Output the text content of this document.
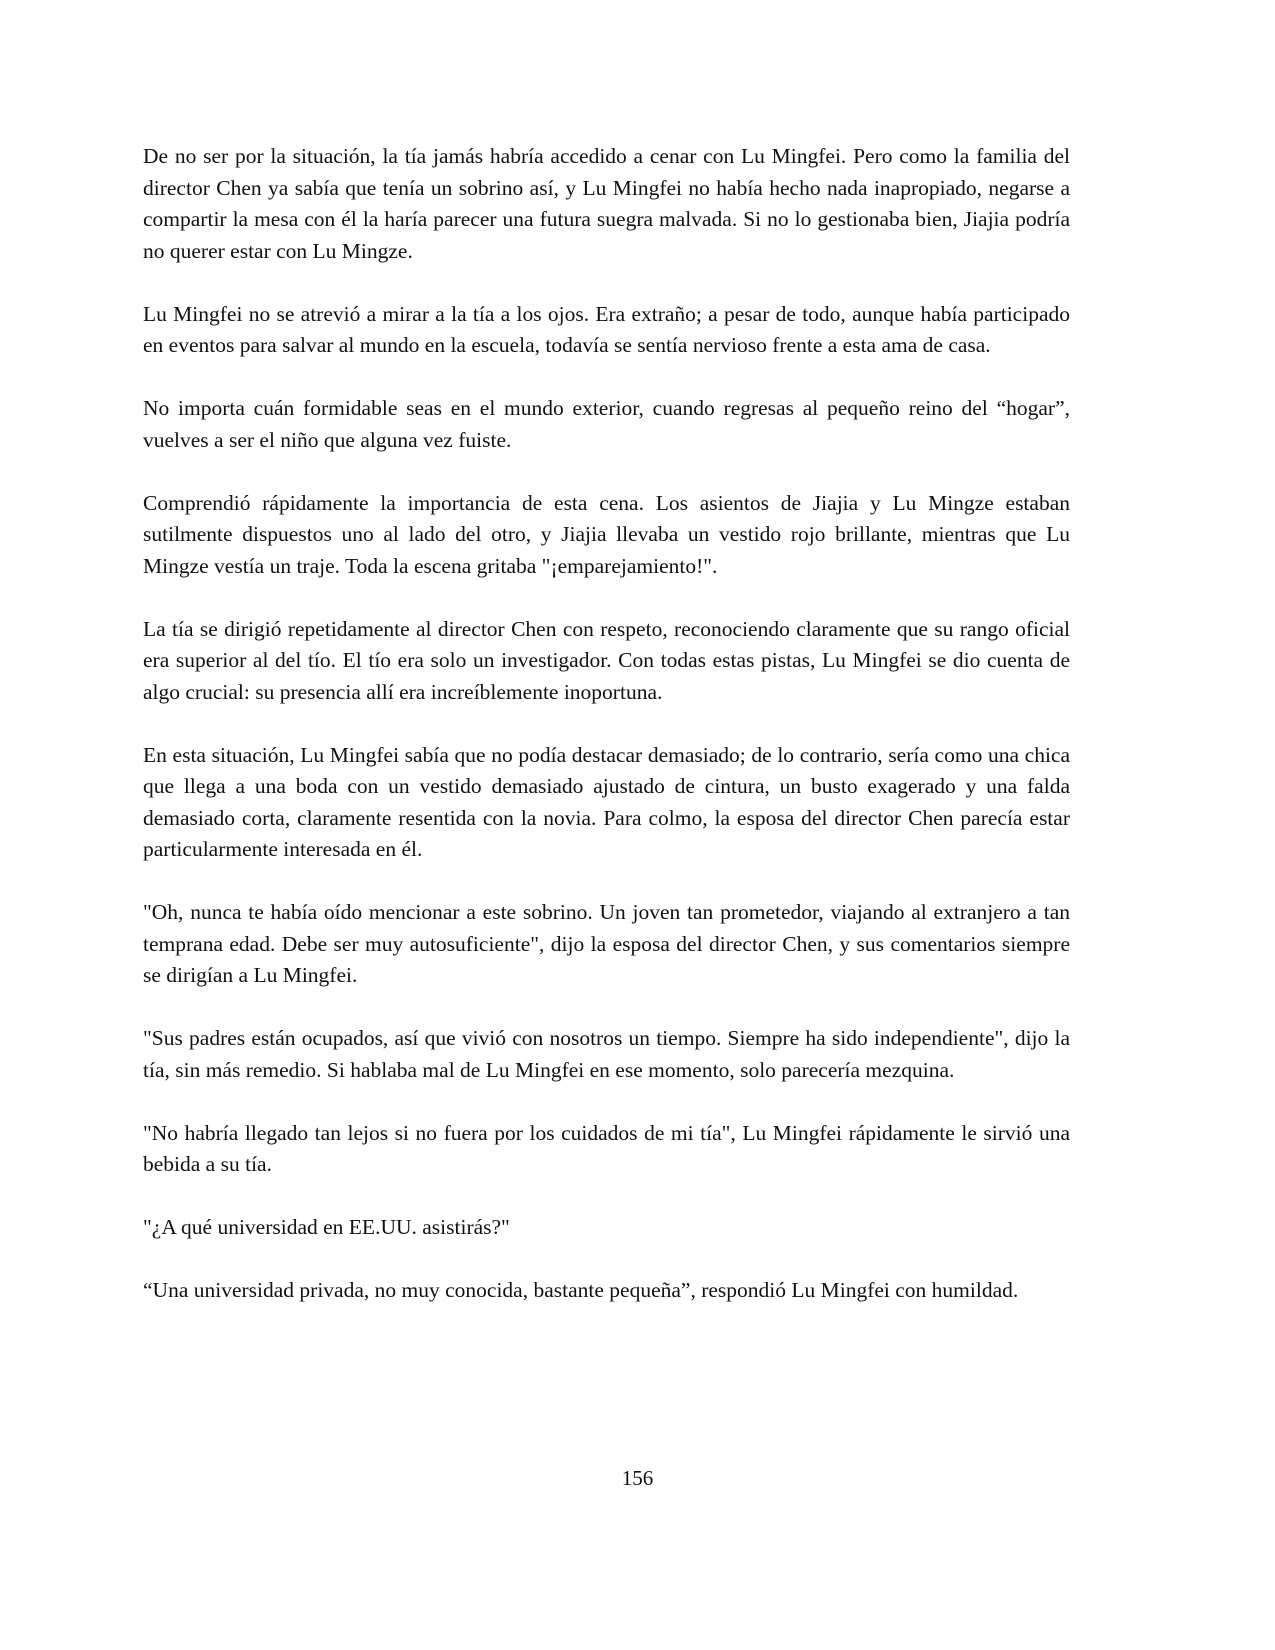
De no ser por la situación, la tía jamás habría accedido a cenar con Lu Mingfei. Pero como la familia del director Chen ya sabía que tenía un sobrino así, y Lu Mingfei no había hecho nada inapropiado, negarse a compartir la mesa con él la haría parecer una futura suegra malvada. Si no lo gestionaba bien, Jiajia podría no querer estar con Lu Mingze.

Lu Mingfei no se atrevió a mirar a la tía a los ojos. Era extraño; a pesar de todo, aunque había participado en eventos para salvar al mundo en la escuela, todavía se sentía nervioso frente a esta ama de casa.

No importa cuán formidable seas en el mundo exterior, cuando regresas al pequeño reino del “hogar”, vuelves a ser el niño que alguna vez fuiste.

Comprendió rápidamente la importancia de esta cena. Los asientos de Jiajia y Lu Mingze estaban sutilmente dispuestos uno al lado del otro, y Jiajia llevaba un vestido rojo brillante, mientras que Lu Mingze vestía un traje. Toda la escena gritaba "¡emparejamiento!".

La tía se dirigió repetidamente al director Chen con respeto, reconociendo claramente que su rango oficial era superior al del tío. El tío era solo un investigador. Con todas estas pistas, Lu Mingfei se dio cuenta de algo crucial: su presencia allí era increíblemente inoportuna.

En esta situación, Lu Mingfei sabía que no podía destacar demasiado; de lo contrario, sería como una chica que llega a una boda con un vestido demasiado ajustado de cintura, un busto exagerado y una falda demasiado corta, claramente resentida con la novia. Para colmo, la esposa del director Chen parecía estar particularmente interesada en él.

"Oh, nunca te había oído mencionar a este sobrino. Un joven tan prometedor, viajando al extranjero a tan temprana edad. Debe ser muy autosuficiente", dijo la esposa del director Chen, y sus comentarios siempre se dirigían a Lu Mingfei.

"Sus padres están ocupados, así que vivió con nosotros un tiempo. Siempre ha sido independiente", dijo la tía, sin más remedio. Si hablaba mal de Lu Mingfei en ese momento, solo parecería mezquina.

"No habría llegado tan lejos si no fuera por los cuidados de mi tía", Lu Mingfei rápidamente le sirvió una bebida a su tía.

"¿A qué universidad en EE.UU. asistirás?"

“Una universidad privada, no muy conocida, bastante pequeña”, respondió Lu Mingfei con humildad.

156
